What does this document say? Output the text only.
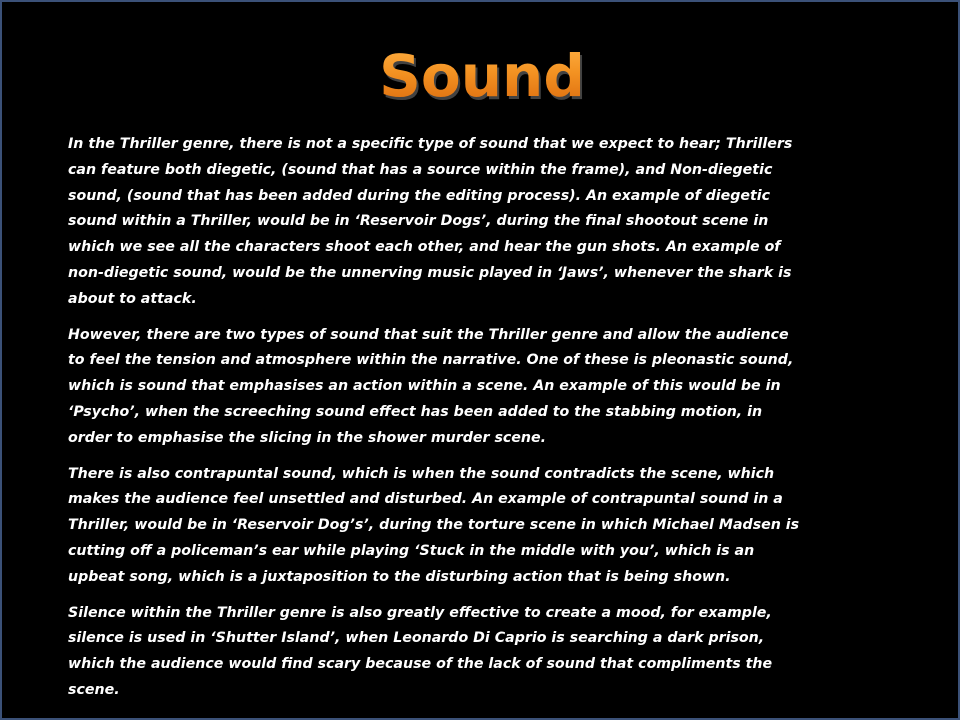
Sound

In the Thriller genre, there is not a specific type of sound that we expect to hear; Thrillers can feature both diegetic, (sound that has a source within the frame), and Non-diegetic sound, (sound that has been added during the editing process). An example of diegetic sound within a Thriller, would be in ‘Reservoir Dogs’, during the final shootout scene in which we see all the characters shoot each other, and hear the gun shots. An example of non-diegetic sound, would be the unnerving music played in ‘Jaws’, whenever the shark is about to attack.

However, there are two types of sound that suit the Thriller genre and allow the audience to feel the tension and atmosphere within the narrative. One of these is pleonastic sound, which is sound that emphasises an action within a scene. An example of this would be in ‘Psycho’, when the screeching sound effect has been added to the stabbing motion, in order to emphasise the slicing in the shower murder scene.

There is also contrapuntal sound, which is when the sound contradicts the scene, which makes the audience feel unsettled and disturbed. An example of contrapuntal sound in a Thriller, would be in ‘Reservoir Dog’s’, during the torture scene in which Michael Madsen is cutting off a policeman’s ear while playing ‘Stuck in the middle with you’, which is an upbeat song, which is a juxtaposition to the disturbing action that is being shown.

Silence within the Thriller genre is also greatly effective to create a mood, for example, silence is used in ‘Shutter Island’, when Leonardo Di Caprio is searching a dark prison, which the audience would find scary because of the lack of sound that compliments the scene.
